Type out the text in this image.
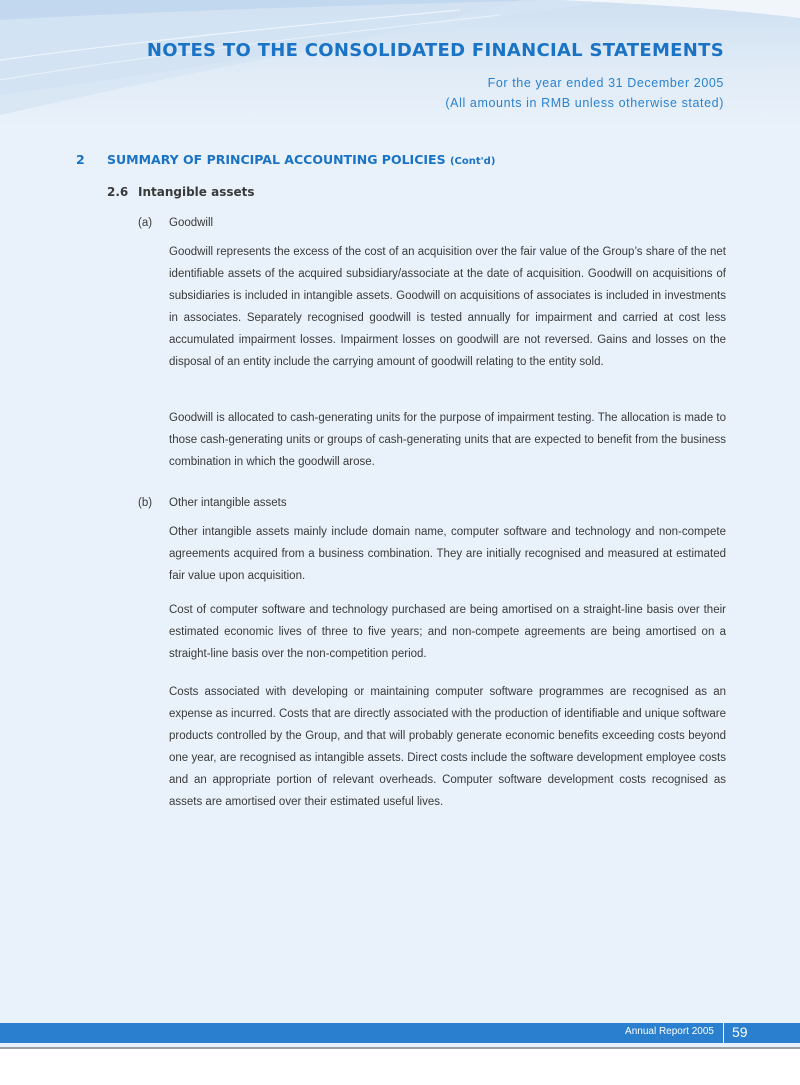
NOTES TO THE CONSOLIDATED FINANCIAL STATEMENTS
For the year ended 31 December 2005
(All amounts in RMB unless otherwise stated)
2 SUMMARY OF PRINCIPAL ACCOUNTING POLICIES (Cont'd)
2.6 Intangible assets
(a) Goodwill

Goodwill represents the excess of the cost of an acquisition over the fair value of the Group’s share of the net identifiable assets of the acquired subsidiary/associate at the date of acquisition. Goodwill on acquisitions of subsidiaries is included in intangible assets. Goodwill on acquisitions of associates is included in investments in associates. Separately recognised goodwill is tested annually for impairment and carried at cost less accumulated impairment losses. Impairment losses on goodwill are not reversed. Gains and losses on the disposal of an entity include the carrying amount of goodwill relating to the entity sold.

Goodwill is allocated to cash-generating units for the purpose of impairment testing. The allocation is made to those cash-generating units or groups of cash-generating units that are expected to benefit from the business combination in which the goodwill arose.

(b) Other intangible assets

Other intangible assets mainly include domain name, computer software and technology and non-compete agreements acquired from a business combination. They are initially recognised and measured at estimated fair value upon acquisition.

Cost of computer software and technology purchased are being amortised on a straight-line basis over their estimated economic lives of three to five years; and non-compete agreements are being amortised on a straight-line basis over the non-competition period.

Costs associated with developing or maintaining computer software programmes are recognised as an expense as incurred. Costs that are directly associated with the production of identifiable and unique software products controlled by the Group, and that will probably generate economic benefits exceeding costs beyond one year, are recognised as intangible assets. Direct costs include the software development employee costs and an appropriate portion of relevant overheads. Computer software development costs recognised as assets are amortised over their estimated useful lives.

Annual Report 2005 59
